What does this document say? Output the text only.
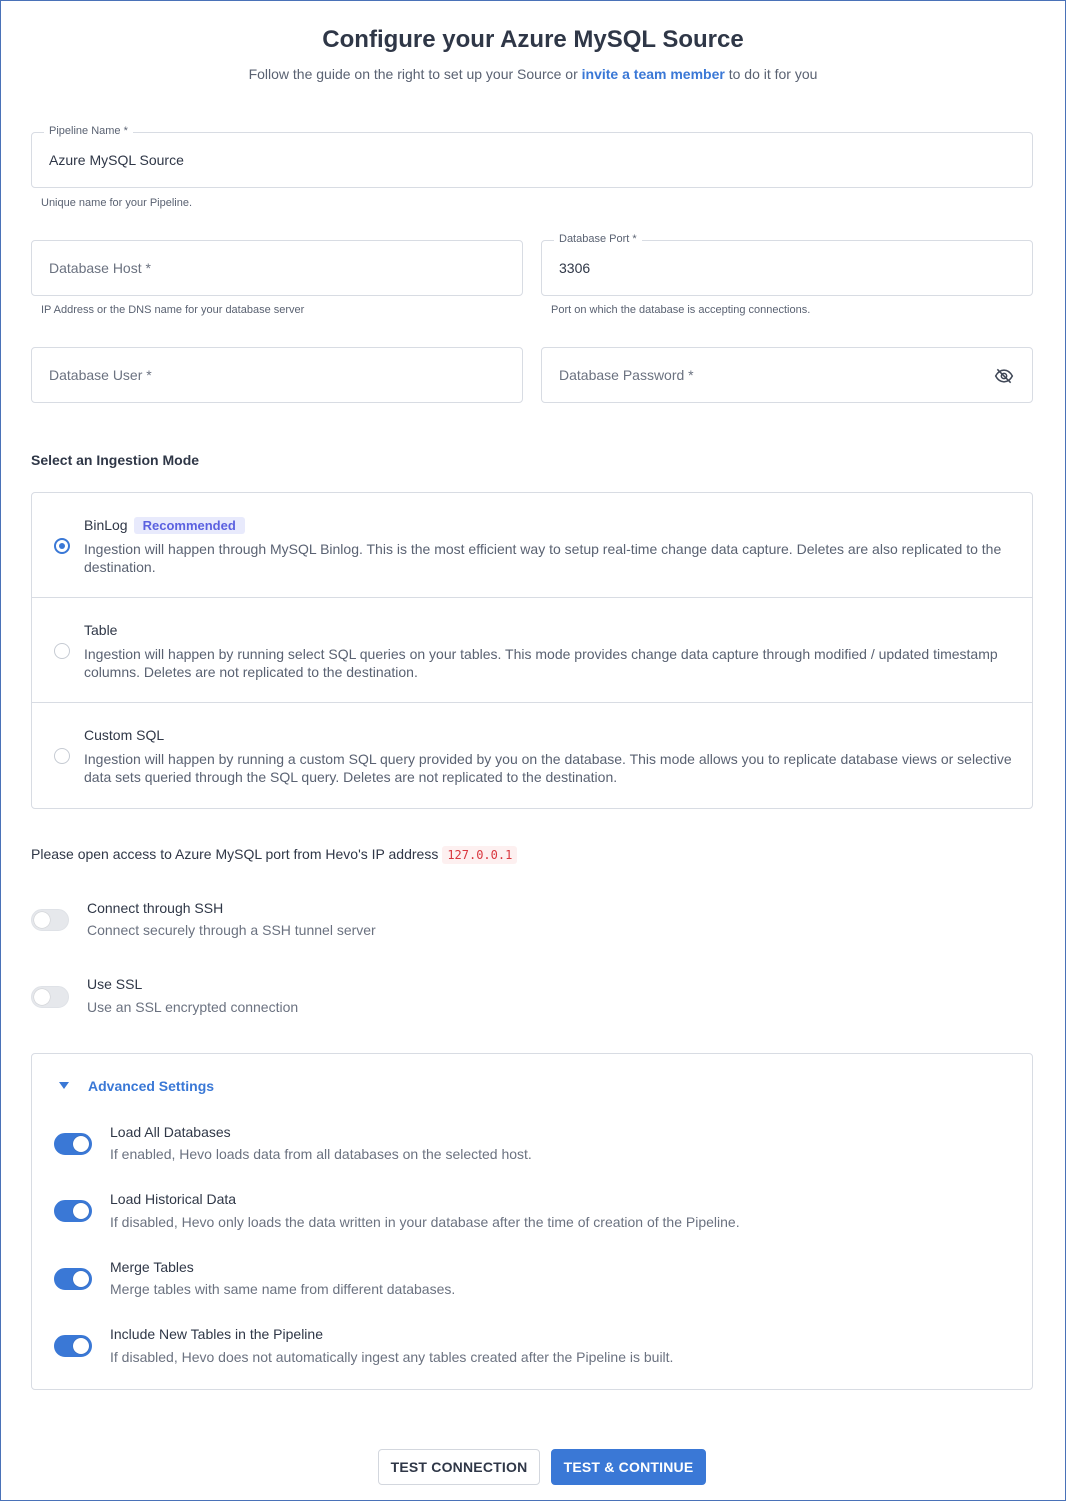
Configure your Azure MySQL Source

Follow the guide on the right to set up your Source or invite a team member to do it for you

Pipeline Name *
Azure MySQL Source
Unique name for your Pipeline.
Database Host *
IP Address or the DNS name for your database server
Database Port *
3306
Port on which the database is accepting connections.
Database User *	Database Password *
Select an Ingestion Mode
BinLog Recommended
Ingestion will happen through MySQL Binlog. This is the most efficient way to setup real-time change data capture. Deletes are also replicated to the destination.
Table
Ingestion will happen by running select SQL queries on your tables. This mode provides change data capture through modified / updated timestamp columns. Deletes are not replicated to the destination.
Custom SQL
Ingestion will happen by running a custom SQL query provided by you on the database. This mode allows you to replicate database views or selective data sets queried through the SQL query. Deletes are not replicated to the destination.
Please open access to Azure MySQL port from Hevo's IP address 127.0.0.1
Connect through SSH
Connect securely through a SSH tunnel server
Use SSL
Use an SSL encrypted connection
Advanced Settings
Load All Databases
If enabled, Hevo loads data from all databases on the selected host.
Load Historical Data
If disabled, Hevo only loads the data written in your database after the time of creation of the Pipeline.
Merge Tables
Merge tables with same name from different databases.
Include New Tables in the Pipeline
If disabled, Hevo does not automatically ingest any tables created after the Pipeline is built.
TEST CONNECTION	TEST & CONTINUE
